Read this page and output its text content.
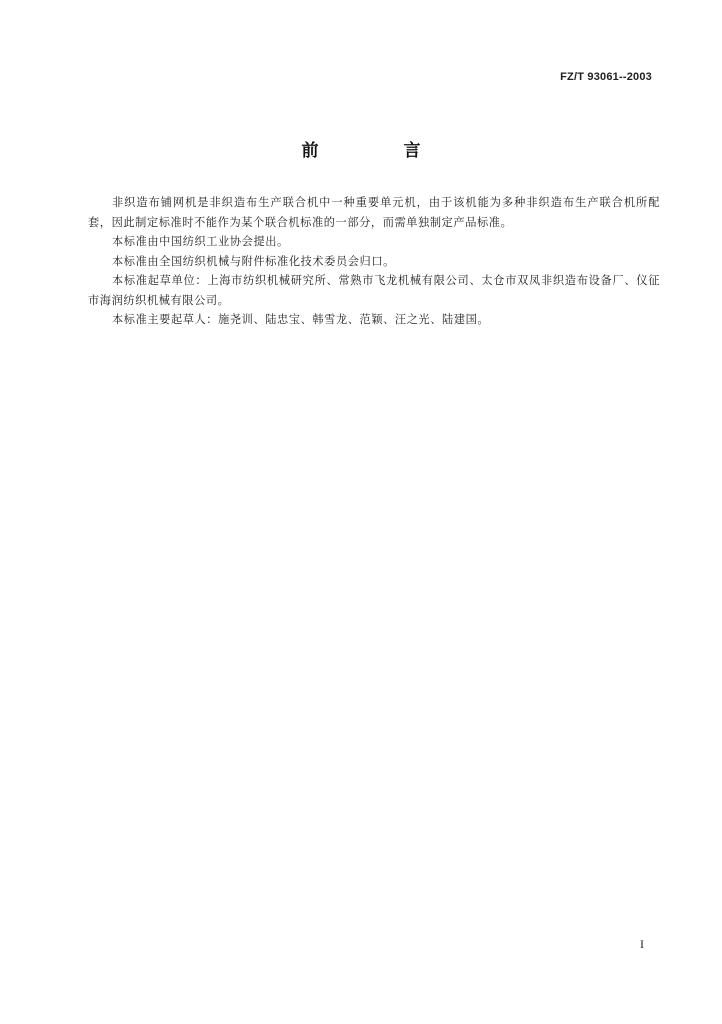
FZ/T 93061--2003
前　言

非织造布铺网机是非织造布生产联合机中一种重要单元机，由于该机能为多种非织造布生产联合机所配套，因此制定标准时不能作为某个联合机标准的一部分，而需单独制定产品标准。

本标准由中国纺织工业协会提出。

本标准由全国纺织机械与附件标准化技术委员会归口。

本标准起草单位：上海市纺织机械研究所、常熟市飞龙机械有限公司、太仓市双凤非织造布设备厂、仪征市海润纺织机械有限公司。

本标准主要起草人：施尧训、陆忠宝、韩雪龙、范颖、汪之光、陆建国。

I
